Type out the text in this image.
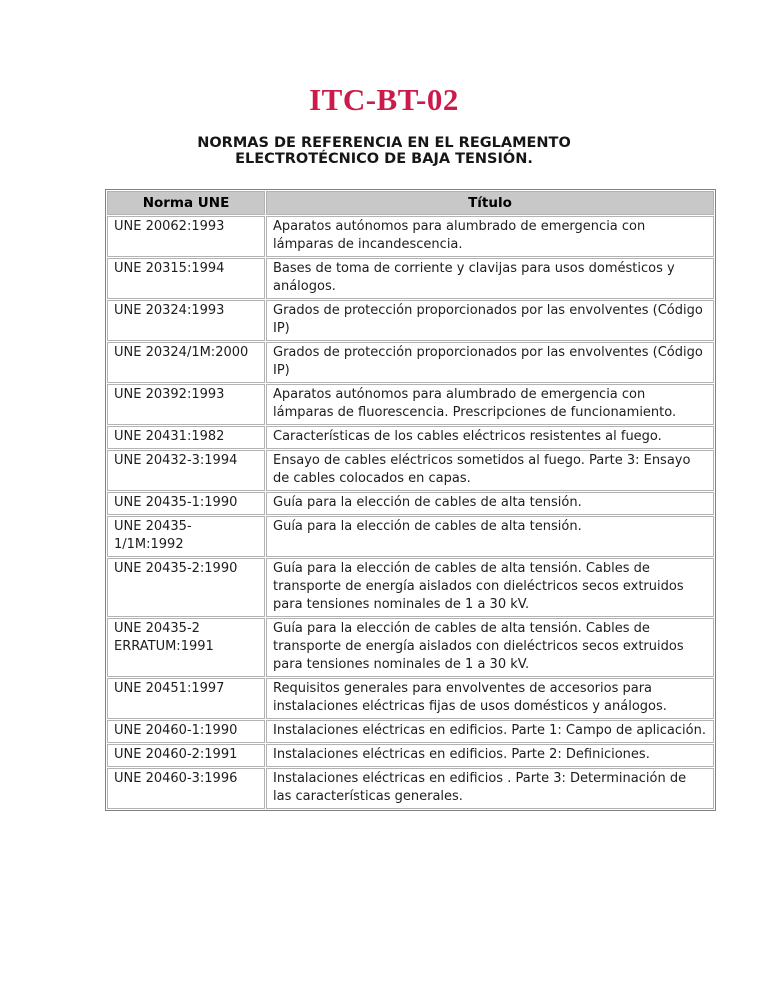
ITC-BT-02
NORMAS DE REFERENCIA EN EL REGLAMENTO
ELECTROTÉCNICO DE BAJA TENSIÓN.
Norma UNE	Título
UNE 20062:1993	Aparatos autónomos para alumbrado de emergencia con lámparas de incandescencia.
UNE 20315:1994	Bases de toma de corriente y clavijas para usos domésticos y análogos.
UNE 20324:1993	Grados de protección proporcionados por las envolventes (Código IP)
UNE 20324/1M:2000	Grados de protección proporcionados por las envolventes (Código IP)
UNE 20392:1993	Aparatos autónomos para alumbrado de emergencia con lámparas de fluorescencia. Prescripciones de funcionamiento.
UNE 20431:1982	Características de los cables eléctricos resistentes al fuego.
UNE 20432-3:1994	Ensayo de cables eléctricos sometidos al fuego. Parte 3: Ensayo de cables colocados en capas.
UNE 20435-1:1990	Guía para la elección de cables de alta tensión.
UNE 20435-1/1M:1992	Guía para la elección de cables de alta tensión.
UNE 20435-2:1990	Guía para la elección de cables de alta tensión. Cables de transporte de energía aislados con dieléctricos secos extruidos para tensiones nominales de 1 a 30 kV.
UNE 20435-2 ERRATUM:1991	Guía para la elección de cables de alta tensión. Cables de transporte de energía aislados con dieléctricos secos extruidos para tensiones nominales de 1 a 30 kV.
UNE 20451:1997	Requisitos generales para envolventes de accesorios para instalaciones eléctricas fijas de usos domésticos y análogos.
UNE 20460-1:1990	Instalaciones eléctricas en edificios. Parte 1: Campo de aplicación.
UNE 20460-2:1991	Instalaciones eléctricas en edificios. Parte 2: Definiciones.
UNE 20460-3:1996	Instalaciones eléctricas en edificios . Parte 3: Determinación de las características generales.
